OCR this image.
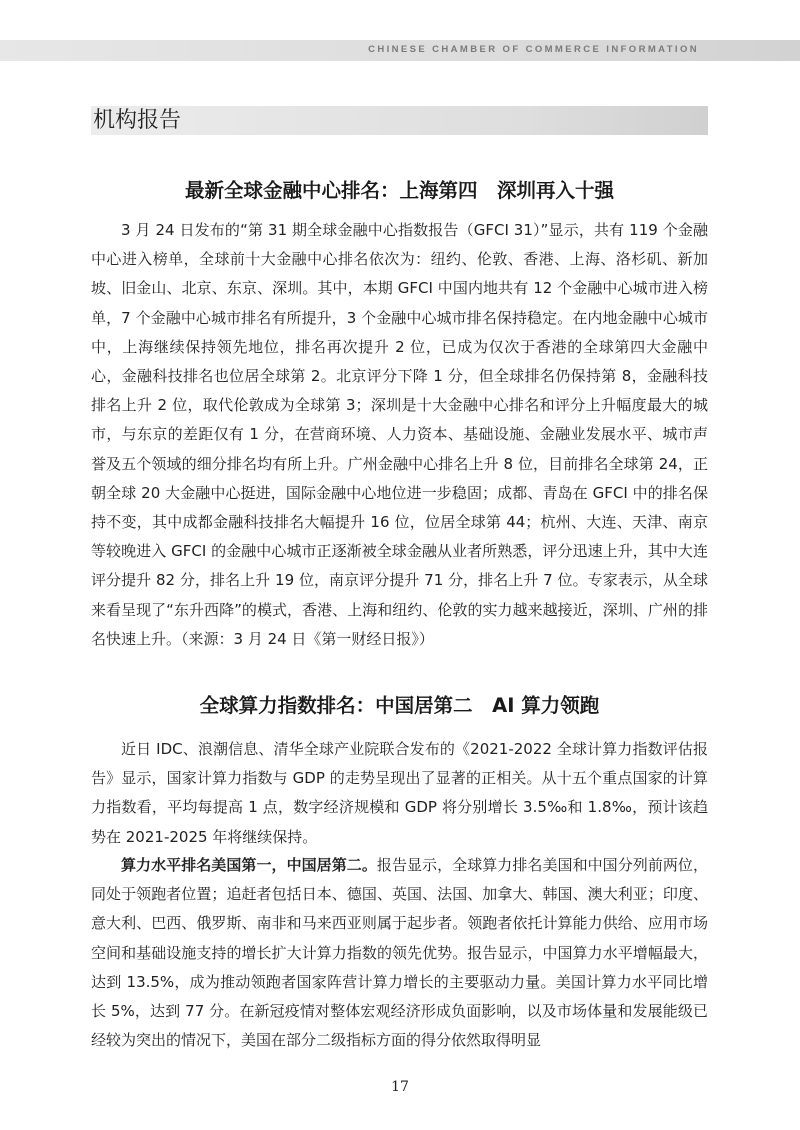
CHINESE CHAMBER OF COMMERCE INFORMATION
机构报告
最新全球金融中心排名：上海第四　深圳再入十强

3 月 24 日发布的“第 31 期全球金融中心指数报告（GFCI 31）”显示，共有 119 个金融中心进入榜单，全球前十大金融中心排名依次为：纽约、伦敦、香港、上海、洛杉矶、新加坡、旧金山、北京、东京、深圳。其中，本期 GFCI 中国内地共有 12 个金融中心城市进入榜单，7 个金融中心城市排名有所提升，3 个金融中心城市排名保持稳定。在内地金融中心城市中，上海继续保持领先地位，排名再次提升 2 位，已成为仅次于香港的全球第四大金融中心，金融科技排名也位居全球第 2。北京评分下降 1 分，但全球排名仍保持第 8，金融科技排名上升 2 位，取代伦敦成为全球第 3；深圳是十大金融中心排名和评分上升幅度最大的城市，与东京的差距仅有 1 分，在营商环境、人力资本、基础设施、金融业发展水平、城市声誉及五个领域的细分排名均有所上升。广州金融中心排名上升 8 位，目前排名全球第 24，正朝全球 20 大金融中心挺进，国际金融中心地位进一步稳固；成都、青岛在 GFCI 中的排名保持不变，其中成都金融科技排名大幅提升 16 位，位居全球第 44；杭州、大连、天津、南京等较晚进入 GFCI 的金融中心城市正逐渐被全球金融从业者所熟悉，评分迅速上升，其中大连评分提升 82 分，排名上升 19 位，南京评分提升 71 分，排名上升 7 位。专家表示，从全球来看呈现了“东升西降”的模式，香港、上海和纽约、伦敦的实力越来越接近，深圳、广州的排名快速上升。（来源：3 月 24 日《第一财经日报》）

全球算力指数排名：中国居第二　AI 算力领跑

近日 IDC、浪潮信息、清华全球产业院联合发布的《2021-2022 全球计算力指数评估报告》显示，国家计算力指数与 GDP 的走势呈现出了显著的正相关。从十五个重点国家的计算力指数看，平均每提高 1 点，数字经济规模和 GDP 将分别增长 3.5‰和 1.8‰，预计该趋势在 2021-2025 年将继续保持。

算力水平排名美国第一，中国居第二。报告显示，全球算力排名美国和中国分列前两位，同处于领跑者位置；追赶者包括日本、德国、英国、法国、加拿大、韩国、澳大利亚；印度、意大利、巴西、俄罗斯、南非和马来西亚则属于起步者。领跑者依托计算能力供给、应用市场空间和基础设施支持的增长扩大计算力指数的领先优势。报告显示，中国算力水平增幅最大，达到 13.5%，成为推动领跑者国家阵营计算力增长的主要驱动力量。美国计算力水平同比增长 5%，达到 77 分。在新冠疫情对整体宏观经济形成负面影响，以及市场体量和发展能级已经较为突出的情况下，美国在部分二级指标方面的得分依然取得明显

17
